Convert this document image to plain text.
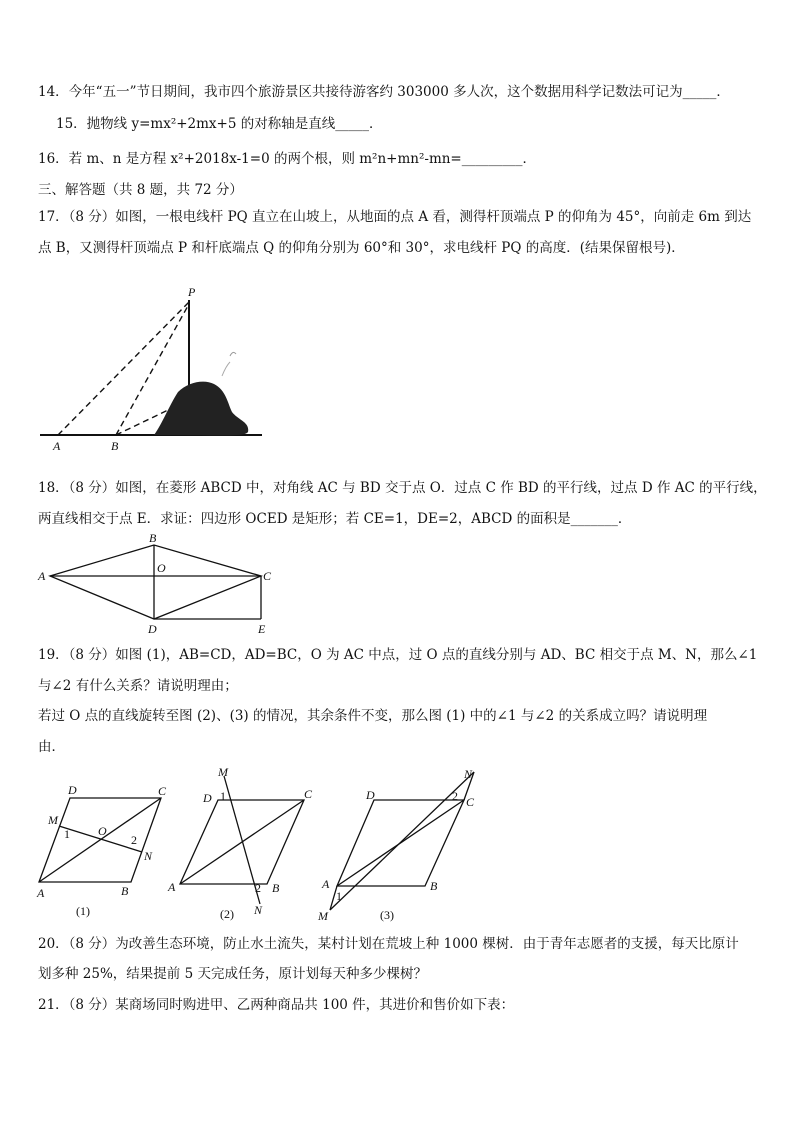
14．今年“五一”节日期间，我市四个旅游景区共接待游客约 303000 多人次，这个数据用科学记数法可记为_____．
15．抛物线 y=mx²+2mx+5 的对称轴是直线_____．
16．若 m、n 是方程 x²+2018x-1=0 的两个根，则 m²n+mn²-mn=_________．
三、解答题（共 8 题，共 72 分）
17．（8 分）如图，一根电线杆 PQ 直立在山坡上，从地面的点 A 看，测得杆顶端点 P 的仰角为 45°，向前走 6m 到达
点 B，又测得杆顶端点 P 和杆底端点 Q 的仰角分别为 60°和 30°，求电线杆 PQ 的高度．(结果保留根号)．
P
A	B
18．（8 分）如图，在菱形 ABCD 中，对角线 AC 与 BD 交于点 O．过点 C 作 BD 的平行线，过点 D 作 AC 的平行线，
两直线相交于点 E．求证：四边形 OCED 是矩形；若 CE=1，DE=2，ABCD 的面积是_______．
A
B
C
D
O
E
19．（8 分）如图 (1)，AB=CD，AD=BC，O 为 AC 中点，过 O 点的直线分别与 AD、BC 相交于点 M、N，那么∠1
与∠2 有什么关系？请说明理由；
若过 O 点的直线旋转至图 (2)、(3) 的情况，其余条件不变，那么图 (1) 中的∠1 与∠2 的关系成立吗？请说明理
由．
D	C
M
O
1	2
N
A	B
(1)
M
D 1	C
A	2 B
N
(2)
N
D	2 C
A
1
B
M	(3)
20．（8 分）为改善生态环境，防止水土流失，某村计划在荒坡上种 1000 棵树．由于青年志愿者的支援，每天比原计
划多种 25%，结果提前 5 天完成任务，原计划每天种多少棵树？
21．（8 分）某商场同时购进甲、乙两种商品共 100 件，其进价和售价如下表：
